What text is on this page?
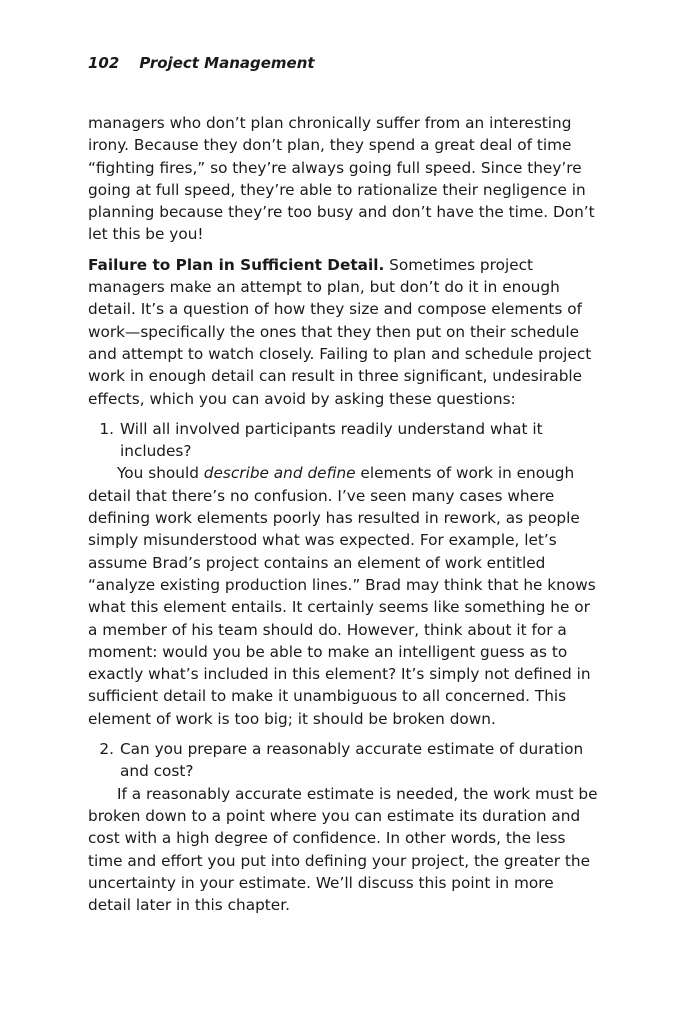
102 Project Management

managers who don’t plan chronically suffer from an interesting irony. Because they don’t plan, they spend a great deal of time “fighting fires,” so they’re always going full speed. Since they’re going at full speed, they’re able to rationalize their negligence in planning because they’re too busy and don’t have the time. Don’t let this be you!

Failure to Plan in Sufficient Detail. Sometimes project managers make an attempt to plan, but don’t do it in enough detail. It’s a question of how they size and compose elements of work—specifically the ones that they then put on their schedule and attempt to watch closely. Failing to plan and schedule project work in enough detail can result in three significant, undesirable effects, which you can avoid by asking these questions:

1. Will all involved participants readily understand what it includes?

You should describe and define elements of work in enough detail that there’s no confusion. I’ve seen many cases where defining work elements poorly has resulted in rework, as people simply misunderstood what was expected. For example, let’s assume Brad’s project contains an element of work entitled “analyze existing production lines.” Brad may think that he knows what this element entails. It certainly seems like something he or a member of his team should do. However, think about it for a moment: would you be able to make an intelligent guess as to exactly what’s included in this element? It’s simply not defined in sufficient detail to make it unambiguous to all concerned. This element of work is too big; it should be broken down.

2. Can you prepare a reasonably accurate estimate of duration and cost?

If a reasonably accurate estimate is needed, the work must be broken down to a point where you can estimate its duration and cost with a high degree of confidence. In other words, the less time and effort you put into defining your project, the greater the uncertainty in your estimate. We’ll discuss this point in more detail later in this chapter.
